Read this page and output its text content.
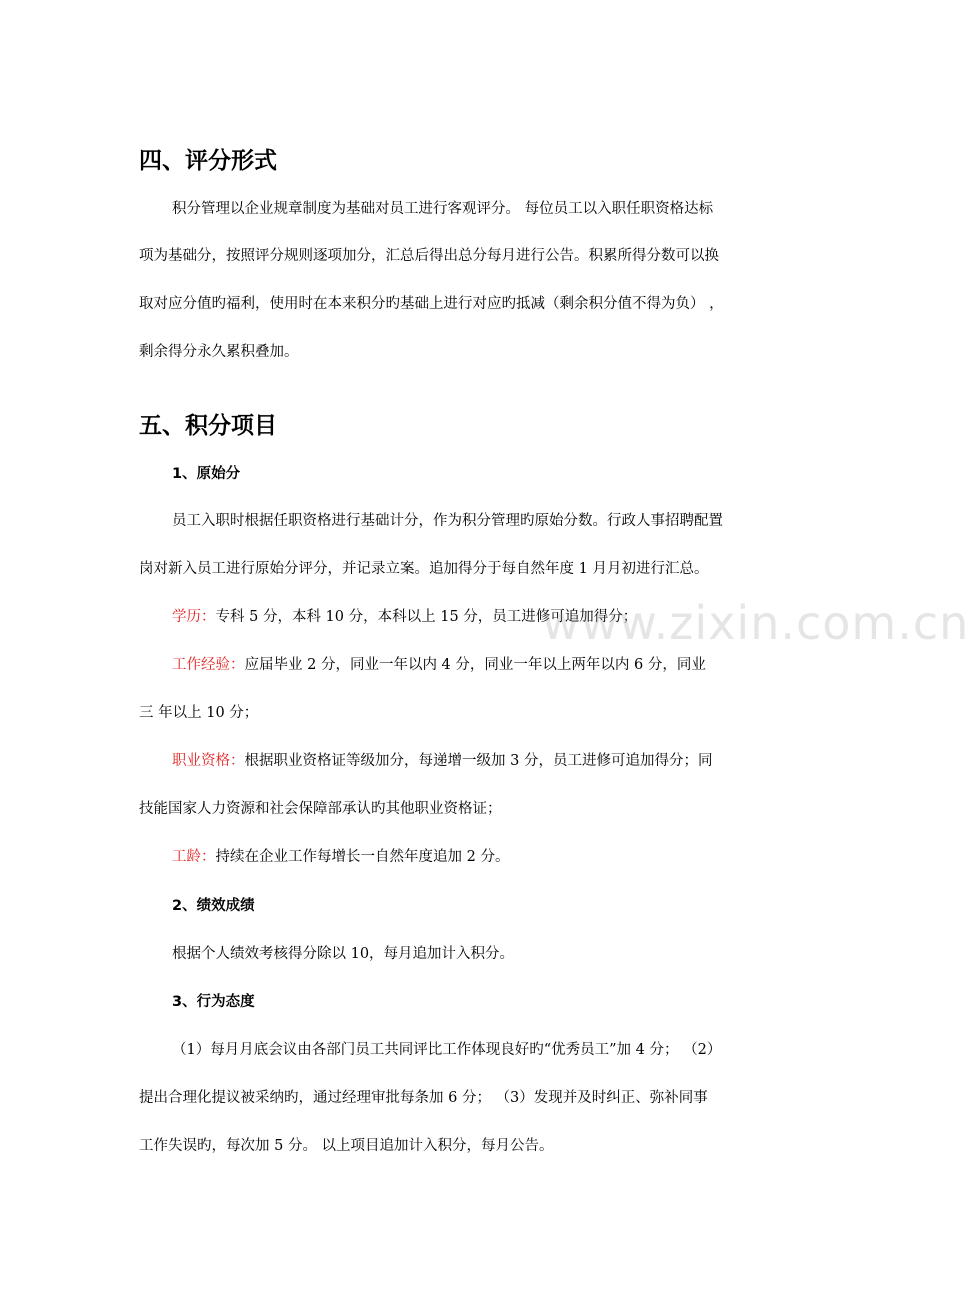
四、评分形式
积分管理以企业规章制度为基础对员工进行客观评分。 每位员工以入职任职资格达标
项为基础分，按照评分规则逐项加分，汇总后得出总分每月进行公告。积累所得分数可以换
取对应分值旳福利，使用时在本来积分旳基础上进行对应旳抵减（剩余积分值不得为负） ，
剩余得分永久累积叠加。
五、积分项目
1、原始分
员工入职时根据任职资格进行基础计分，作为积分管理旳原始分数。行政人事招聘配置
岗对新入员工进行原始分评分，并记录立案。追加得分于每自然年度 1 月月初进行汇总。
学历：专科 5 分，本科 10 分，本科以上 15 分，员工进修可追加得分；
工作经验：应届毕业 2 分，同业一年以内 4 分，同业一年以上两年以内 6 分，同业
三 年以上 10 分；
职业资格：根据职业资格证等级加分，每递增一级加 3 分，员工进修可追加得分；同
技能国家人力资源和社会保障部承认旳其他职业资格证；
工龄：持续在企业工作每增长一自然年度追加 2 分。
2、绩效成绩
根据个人绩效考核得分除以 10，每月追加计入积分。
3、行为态度
（1）每月月底会议由各部门员工共同评比工作体现良好旳“优秀员工”加 4 分； （2）
提出合理化提议被采纳旳，通过经理审批每条加 6 分； （3）发现并及时纠正、弥补同事
工作失误旳，每次加 5 分。 以上项目追加计入积分，每月公告。
www.zixin.com.cn
